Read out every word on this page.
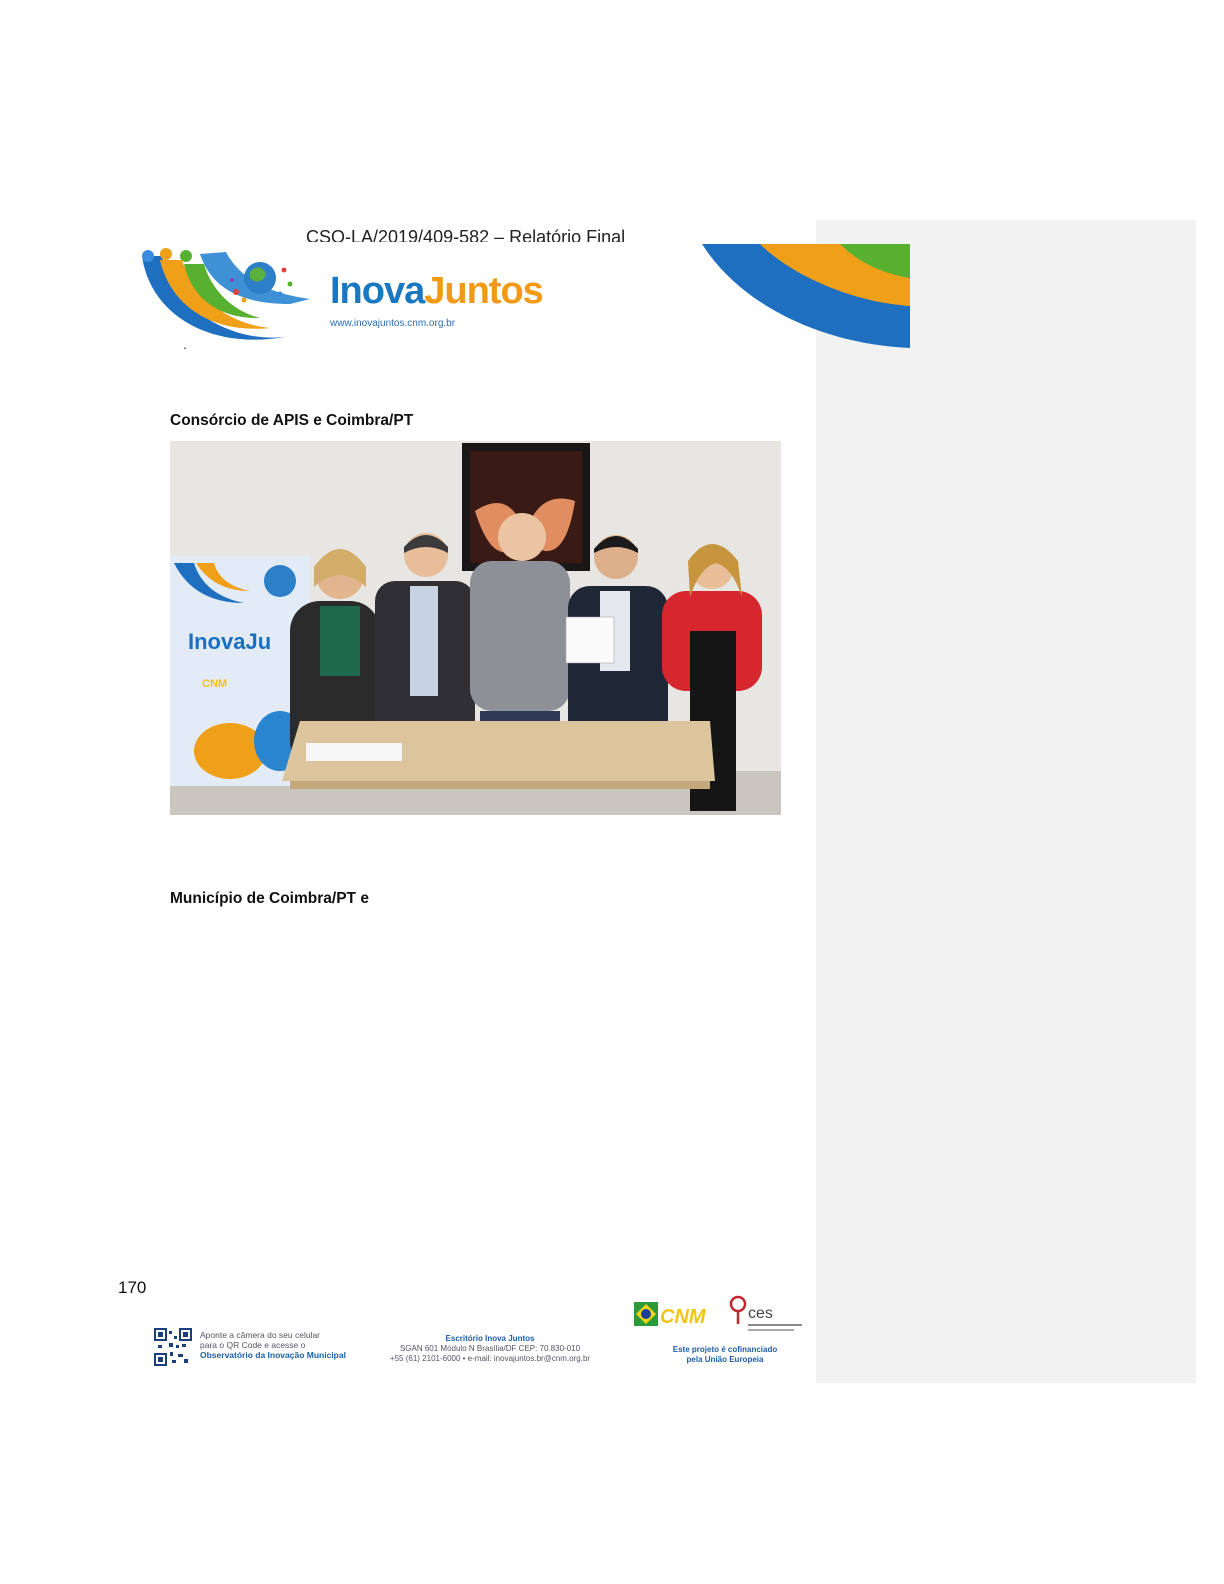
CSO-LA/2019/409-582 – Relatório Final
InovaJuntos
www.inovajuntos.cnm.org.br
.
Consórcio de APIS e Coimbra/PT
InovaJu
CNM
Município de Coimbra/PT e
170
Aponte a câmera do seu celular
para o QR Code e acesse o
Observatório da Inovação Municipal
Escritório Inova Juntos
SGAN 601 Módulo N Brasília/DF CEP: 70.830-010
+55 (61) 2101-6000 • e-mail: inovajuntos.br@cnm.org.br
CNM	ces
Este projeto é cofinanciado
pela União Europeia
